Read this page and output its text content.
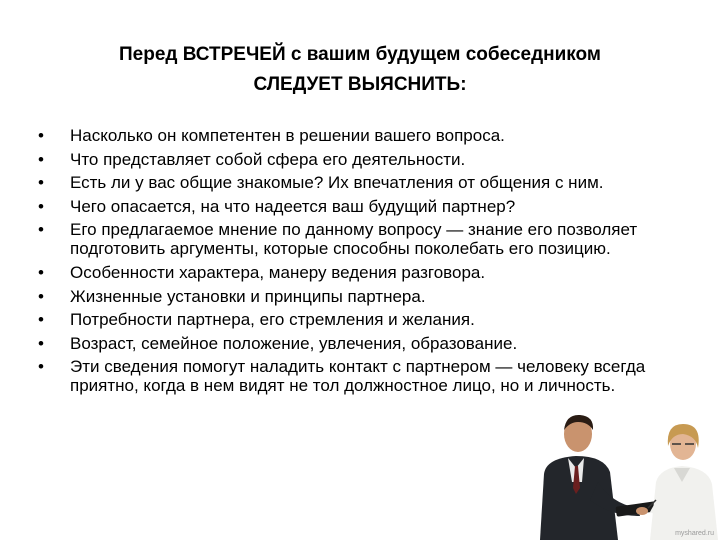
Перед ВСТРЕЧЕЙ с вашим будущем собеседником
СЛЕДУЕТ ВЫЯСНИТЬ:
•	Насколько он компетентен в решении вашего вопроса.
•	Что представляет собой сфера его деятельности.
•	Есть ли у вас общие знакомые? Их впечатления от общения с ним.
•	Чего опасается, на что надеется ваш будущий партнер?
•	Его предлагаемое мнение по данному вопросу — знание его позволяет подготовить аргументы, которые способны поколебать его позицию.
•	Особенности характера, манеру ведения разговора.
•	Жизненные установки и принципы партнера.
•	Потребности партнера, его стремления и желания.
•	Возраст, семейное положение, увлечения, образование.
•	Эти сведения помогут наладить контакт с партнером — человеку всегда приятно, когда в нем видят не тол должностное лицо, но и личность.
myshared.ru
